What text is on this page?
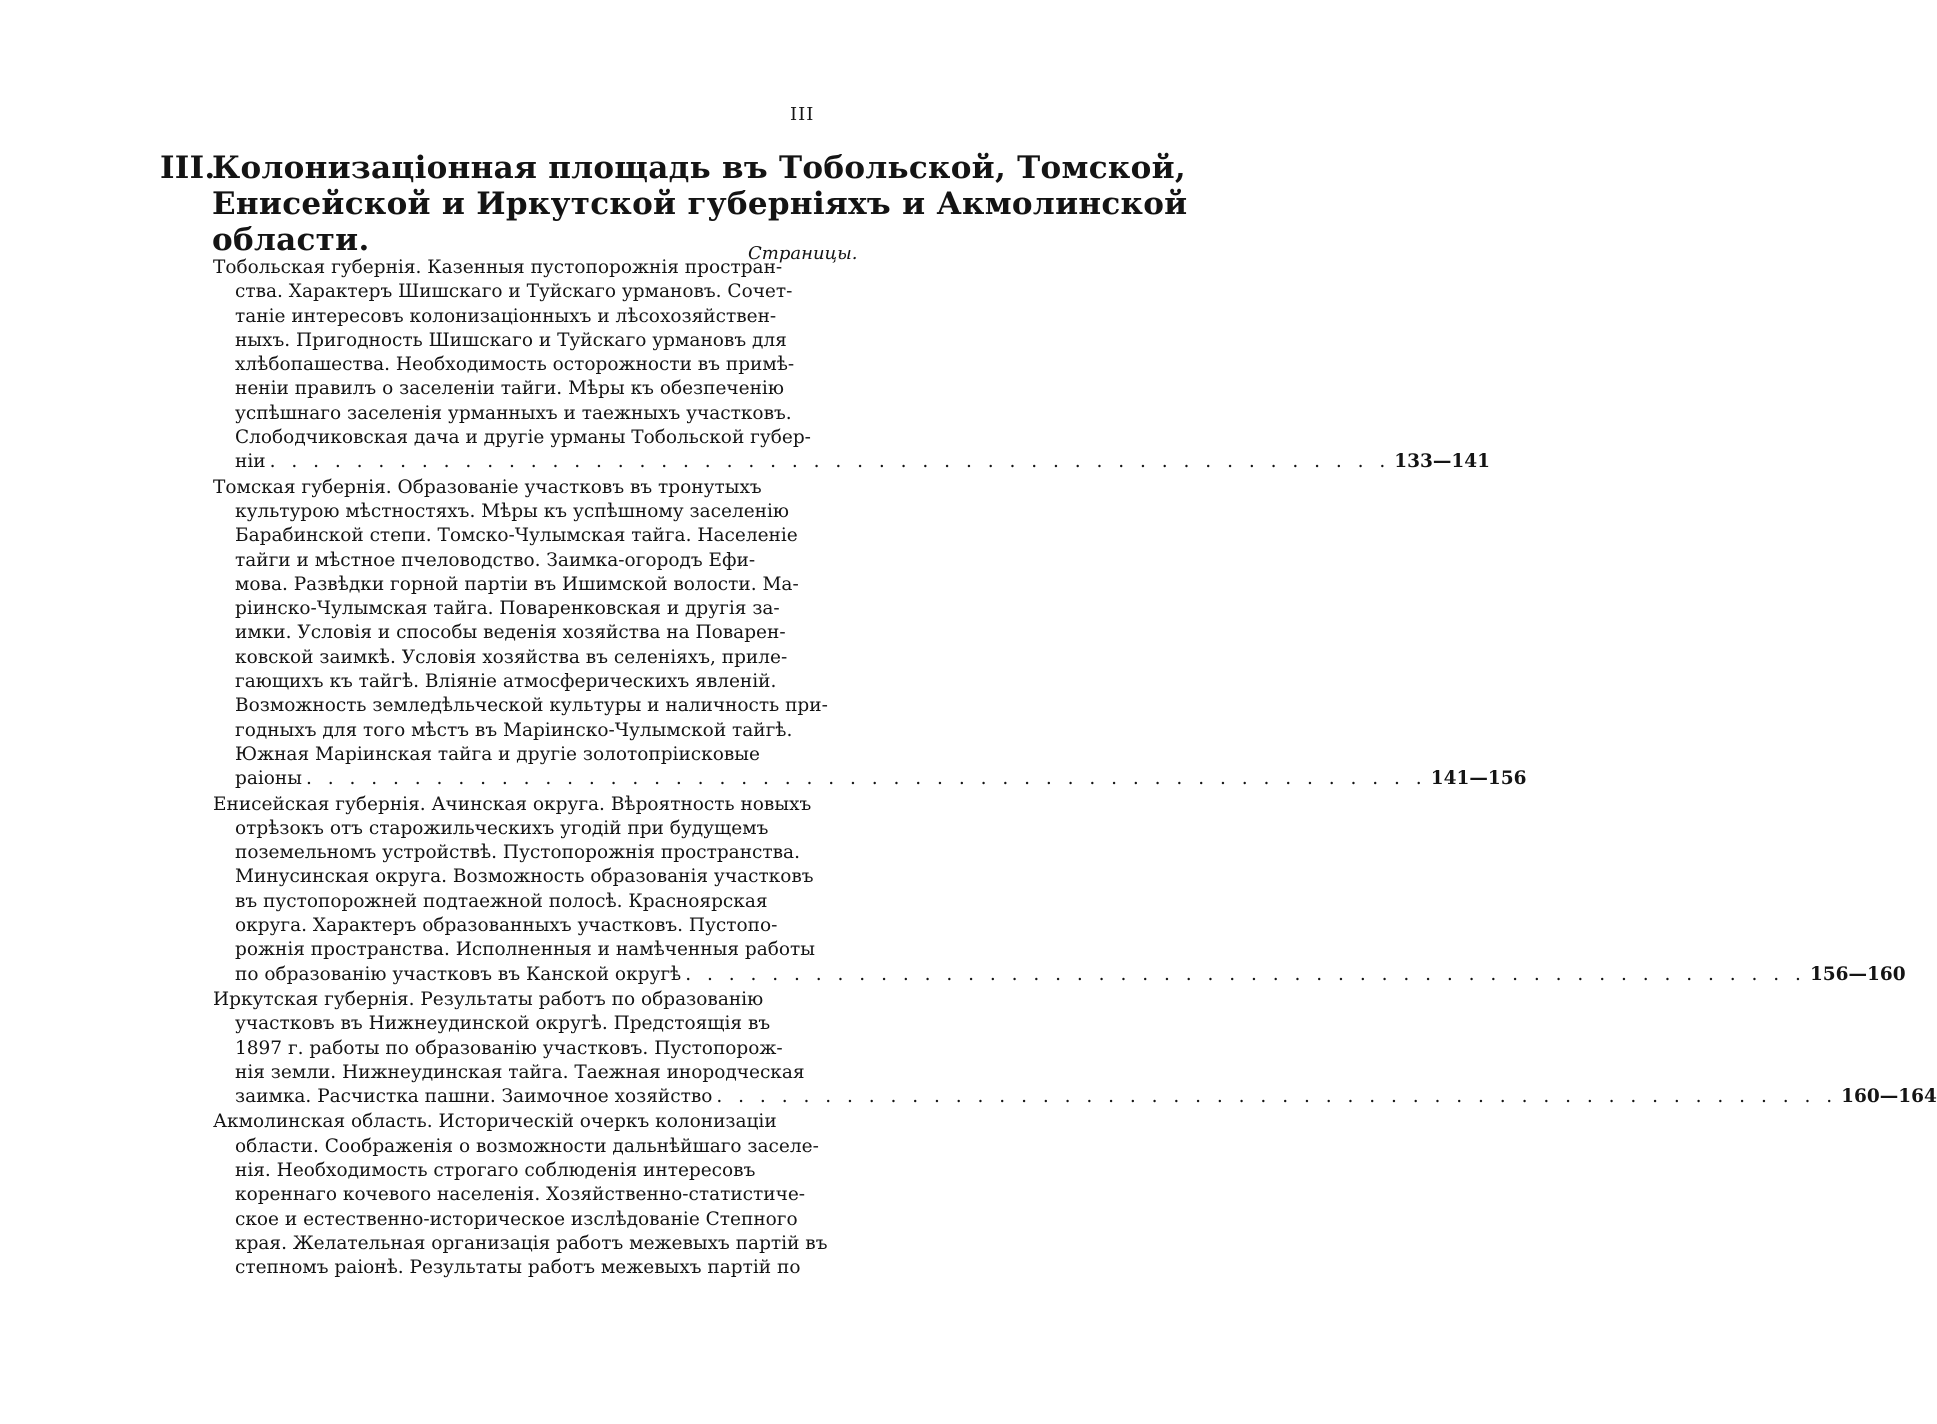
III
III.Колонизаціонная площадь въ Тобольской, Томской,
Енисейской и Иркутской губерніяхъ и Акмолинской
области.	Страницы.
Тобольская губернія. Казенныя пустопорожнія простран-
ства. Характеръ Шишскаго и Туйскаго урмановъ. Сочет-
таніе интересовъ колонизаціонныхъ и лѣсохозяйствен-
ныхъ. Пригодность Шишскаго и Туйскаго урмановъ для
хлѣбопашества. Необходимость осторожности въ примѣ-
неніи правилъ о заселеніи тайги. Мѣры къ обезпеченію
успѣшнаго заселенія урманныхъ и таежныхъ участковъ.
Слободчиковская дача и другіе урманы Тобольской губер-
ніи . . .	133—141
Томская губернія. Образованіе участковъ въ тронутыхъ
культурою мѣстностяхъ. Мѣры къ успѣшному заселенію
Барабинской степи. Томско-Чулымская тайга. Населеніе
тайги и мѣстное пчеловодство. Заимка-огородъ Ефи-
мова. Развѣдки горной партіи въ Ишимской волости. Ма-
ріинско-Чулымская тайга. Поваренковская и другія за-
имки. Условія и способы веденія хозяйства на Поварен-
ковской заимкѣ. Условія хозяйства въ селеніяхъ, приле-
гающихъ къ тайгѣ. Вліяніе атмосферическихъ явленій.
Возможность земледѣльческой культуры и наличность при-
годныхъ для того мѣстъ въ Маріинско-Чулымской тайгѣ.
Южная Маріинская тайга и другіе золотопріисковые
раіоны . . .	141—156
Енисейская губернія. Ачинская округа. Вѣроятность новыхъ
отрѣзокъ отъ старожильческихъ угодій при будущемъ
поземельномъ устройствѣ. Пустопорожнія пространства.
Минусинская округа. Возможность образованія участковъ
въ пустопорожней подтаежной полосѣ. Красноярская
округа. Характеръ образованныхъ участковъ. Пустопо-
рожнія пространства. Исполненныя и намѣченныя работы
по образованію участковъ въ Канской округѣ . . .	156—160
Иркутская губернія. Результаты работъ по образованію
участковъ въ Нижнеудинской округѣ. Предстоящія въ
1897 г. работы по образованію участковъ. Пустопорож-
нія земли. Нижнеудинская тайга. Таежная инородческая
заимка. Расчистка пашни. Заимочное хозяйство . . .	160—164
Акмолинская область. Историческій очеркъ колонизаціи
области. Соображенія о возможности дальнѣйшаго заселе-
нія. Необходимость строгаго соблюденія интересовъ
кореннаго кочевого населенія. Хозяйственно-статистиче-
ское и естественно-историческое изслѣдованіе Степного
края. Желательная организація работъ межевыхъ партій въ
степномъ раіонѣ. Результаты работъ межевыхъ партій по
